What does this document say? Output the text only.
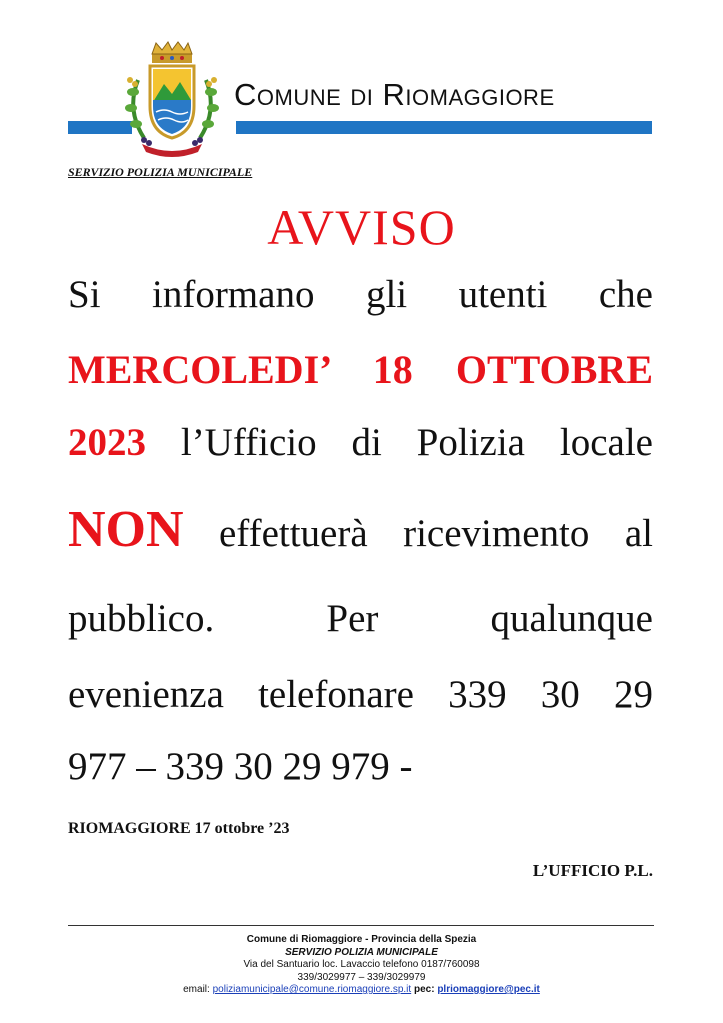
Comune di Riomaggiore
SERVIZIO POLIZIA MUNICIPALE
AVVISO

Si informano gli utenti che

MERCOLEDI’ 18 OTTOBRE

2023 l’Ufficio di Polizia locale

NON effettuerà ricevimento al

pubblico.	Per	qualunque

evenienza telefonare 339 30 29

977 – 339 30 29 979 -

RIOMAGGIORE 17 ottobre ’23

L’UFFICIO P.L.

Comune di Riomaggiore - Provincia della Spezia
SERVIZIO POLIZIA MUNICIPALE
Via del Santuario loc. Lavaccio telefono 0187/760098
339/3029977 – 339/3029979
email: poliziamunicipale@comune.riomaggiore.sp.it pec: plriomaggiore@pec.it
